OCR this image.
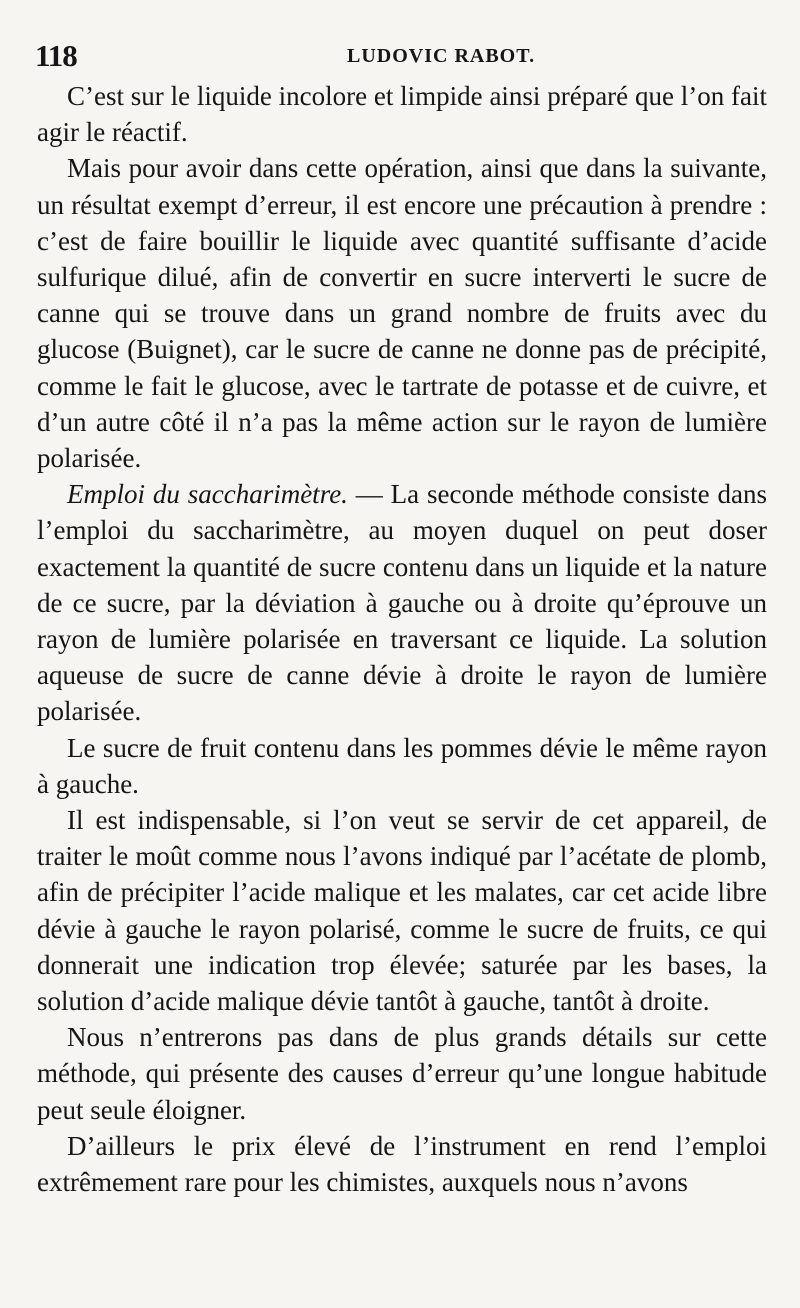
118	LUDOVIC RABOT.

C’est sur le liquide incolore et limpide ainsi préparé que l’on fait agir le réactif.

Mais pour avoir dans cette opération, ainsi que dans la suivante, un résultat exempt d’erreur, il est encore une précaution à prendre : c’est de faire bouillir le liquide avec quantité suffisante d’acide sulfurique dilué, afin de convertir en sucre interverti le sucre de canne qui se trouve dans un grand nombre de fruits avec du glucose (Buignet), car le sucre de canne ne donne pas de précipité, comme le fait le glucose, avec le tartrate de potasse et de cuivre, et d’un autre côté il n’a pas la même action sur le rayon de lumière polarisée.

Emploi du saccharimètre. — La seconde méthode consiste dans l’emploi du saccharimètre, au moyen duquel on peut doser exactement la quantité de sucre contenu dans un liquide et la nature de ce sucre, par la déviation à gauche ou à droite qu’éprouve un rayon de lumière polarisée en traversant ce liquide. La solution aqueuse de sucre de canne dévie à droite le rayon de lumière polarisée.

Le sucre de fruit contenu dans les pommes dévie le même rayon à gauche.

Il est indispensable, si l’on veut se servir de cet appareil, de traiter le moût comme nous l’avons indiqué par l’acétate de plomb, afin de précipiter l’acide malique et les malates, car cet acide libre dévie à gauche le rayon polarisé, comme le sucre de fruits, ce qui donnerait une indication trop élevée; saturée par les bases, la solution d’acide malique dévie tantôt à gauche, tantôt à droite.

Nous n’entrerons pas dans de plus grands détails sur cette méthode, qui présente des causes d’erreur qu’une longue habitude peut seule éloigner.

D’ailleurs le prix élevé de l’instrument en rend l’emploi extrêmement rare pour les chimistes, auxquels nous n’avons
